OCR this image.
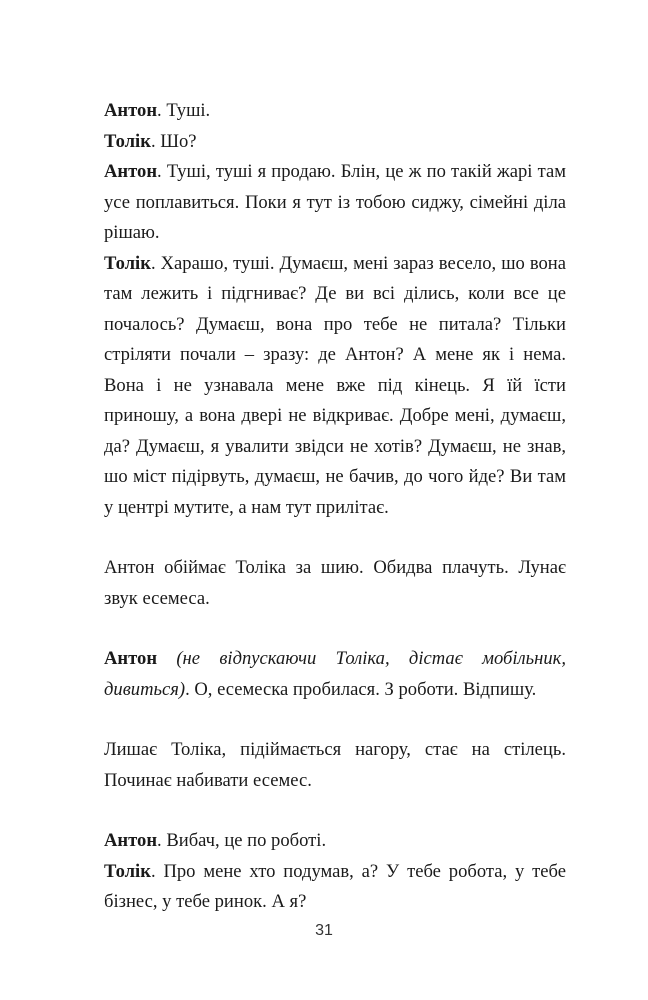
Антон. Туші.

Толік. Шо?

Антон. Туші, туші я продаю. Блін, це ж по такій жарі там усе поплавиться. Поки я тут із тобою сиджу, сімейні діла рішаю.

Толік. Харашо, туші. Думаєш, мені зараз весело, шо вона там лежить і підгниває? Де ви всі ділись, коли все це почалось? Думаєш, вона про тебе не питала? Тільки стріляти почали – зразу: де Антон? А мене як і нема. Вона і не узнавала мене вже під кінець. Я їй їсти приношу, а вона двері не відкриває. Добре мені, думаєш, да? Думаєш, я увалити звідси не хотів? Думаєш, не знав, шо міст підірвуть, думаєш, не бачив, до чого йде? Ви там у центрі мутите, а нам тут прилітає.

Антон обіймає Толіка за шию. Обидва плачуть. Лунає звук есемеса.

Антон (не відпускаючи Толіка, дістає мобільник, дивиться). О, есемеска пробилася. З роботи. Відпишу.

Лишає Толіка, підіймається нагору, стає на стілець. Починає набивати есемес.

Антон. Вибач, це по роботі.

Толік. Про мене хто подумав, а? У тебе робота, у тебе бізнес, у тебе ринок. А я?

31
